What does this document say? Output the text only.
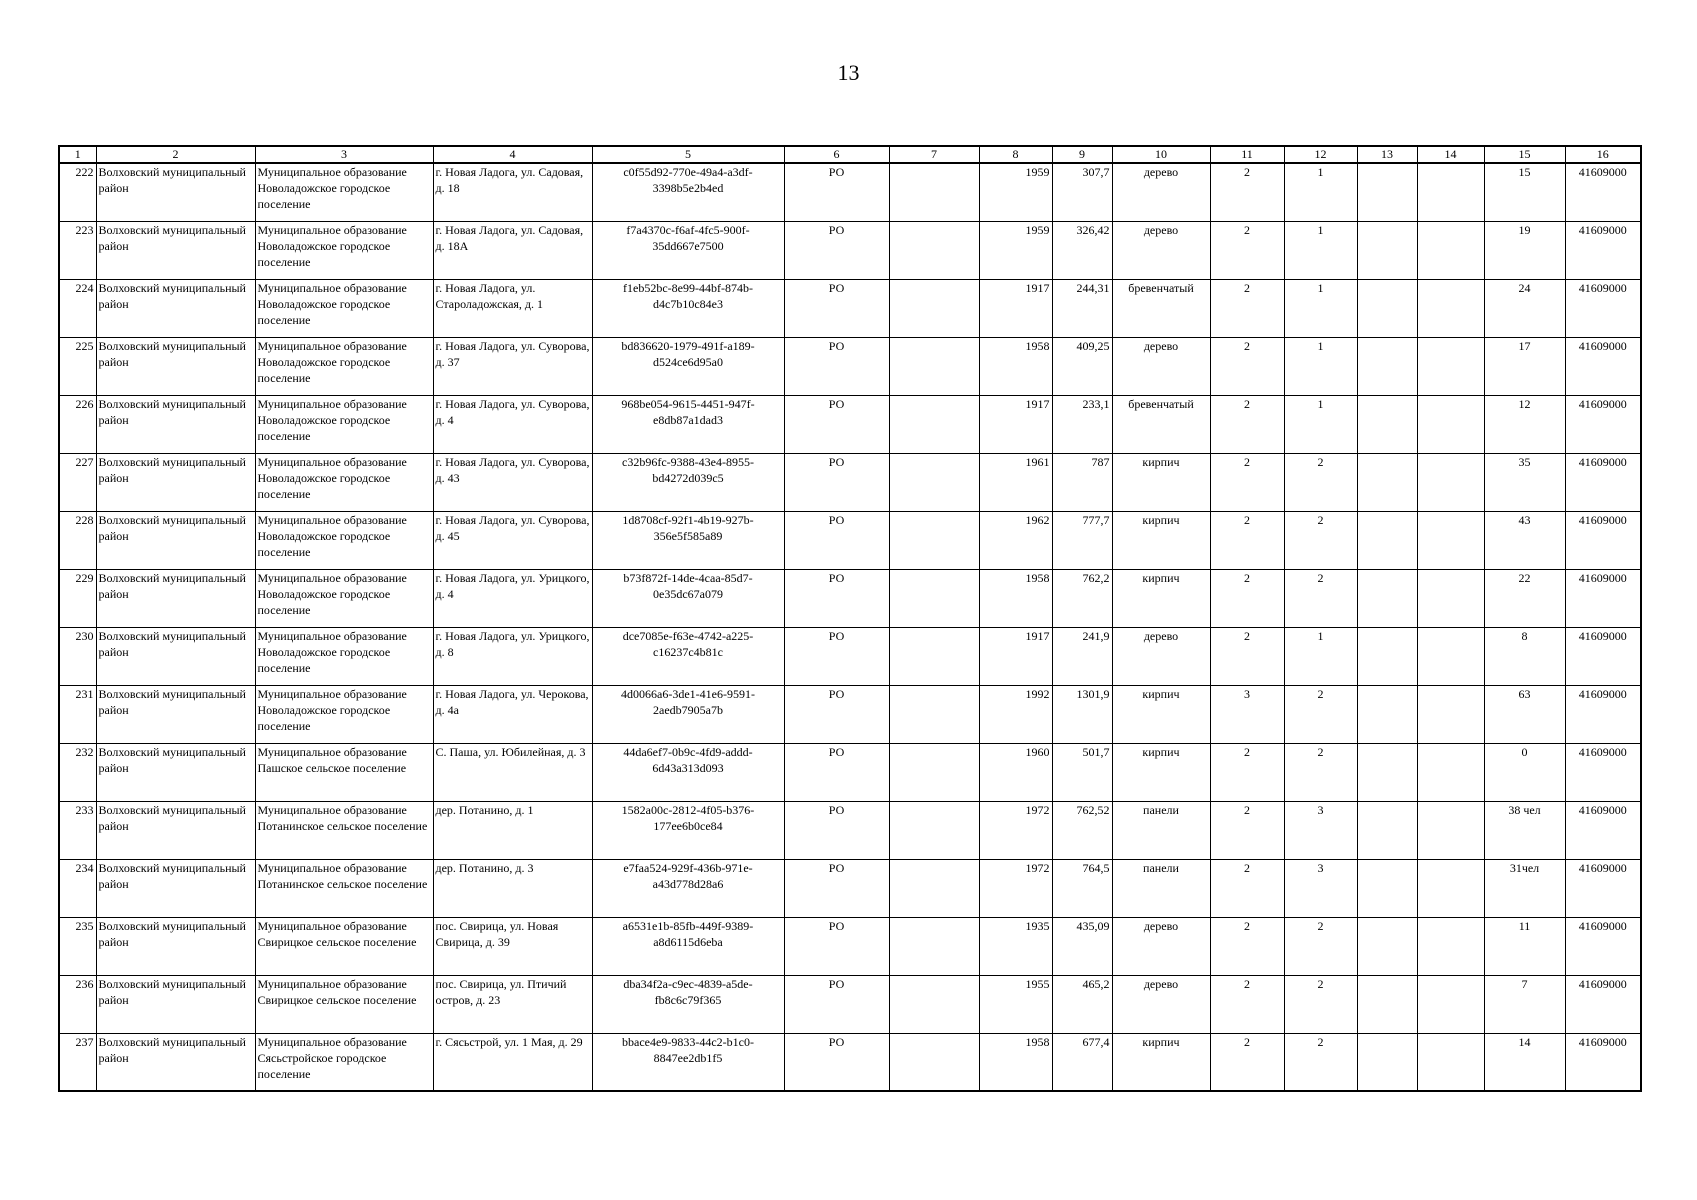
13
1	2	3	4	5	6	7	8	9	10	11	12	13	14	15	16
222	Волховский муниципальный район	Муниципальное образование Новоладожское городское поселение	г. Новая Ладога, ул. Садовая, д. 18	c0f55d92-770e-49a4-a3df-3398b5e2b4ed	РО		1959	307,7	дерево	2	1			15	41609000
223	Волховский муниципальный район	Муниципальное образование Новоладожское городское поселение	г. Новая Ладога, ул. Садовая, д. 18А	f7a4370c-f6af-4fc5-900f-35dd667e7500	РО		1959	326,42	дерево	2	1			19	41609000
224	Волховский муниципальный район	Муниципальное образование Новоладожское городское поселение	г. Новая Ладога, ул. Староладожская, д. 1	f1eb52bc-8e99-44bf-874b-d4c7b10c84e3	РО		1917	244,31	бревенчатый	2	1			24	41609000
225	Волховский муниципальный район	Муниципальное образование Новоладожское городское поселение	г. Новая Ладога, ул. Суворова, д. 37	bd836620-1979-491f-a189-d524ce6d95a0	РО		1958	409,25	дерево	2	1			17	41609000
226	Волховский муниципальный район	Муниципальное образование Новоладожское городское поселение	г. Новая Ладога, ул. Суворова, д. 4	968be054-9615-4451-947f-e8db87a1dad3	РО		1917	233,1	бревенчатый	2	1			12	41609000
227	Волховский муниципальный район	Муниципальное образование Новоладожское городское поселение	г. Новая Ладога, ул. Суворова, д. 43	c32b96fc-9388-43e4-8955-bd4272d039c5	РО		1961	787	кирпич	2	2			35	41609000
228	Волховский муниципальный район	Муниципальное образование Новоладожское городское поселение	г. Новая Ладога, ул. Суворова, д. 45	1d8708cf-92f1-4b19-927b-356e5f585a89	РО		1962	777,7	кирпич	2	2			43	41609000
229	Волховский муниципальный район	Муниципальное образование Новоладожское городское поселение	г. Новая Ладога, ул. Урицкого, д. 4	b73f872f-14de-4caa-85d7-0e35dc67a079	РО		1958	762,2	кирпич	2	2			22	41609000
230	Волховский муниципальный район	Муниципальное образование Новоладожское городское поселение	г. Новая Ладога, ул. Урицкого, д. 8	dce7085e-f63e-4742-a225-c16237c4b81c	РО		1917	241,9	дерево	2	1			8	41609000
231	Волховский муниципальный район	Муниципальное образование Новоладожское городское поселение	г. Новая Ладога, ул. Черокова, д. 4а	4d0066a6-3de1-41e6-9591-2aedb7905a7b	РО		1992	1301,9	кирпич	3	2			63	41609000
232	Волховский муниципальный район	Муниципальное образование Пашское сельское поселение	С. Паша, ул. Юбилейная, д. 3	44da6ef7-0b9c-4fd9-addd-6d43a313d093	РО		1960	501,7	кирпич	2	2			0	41609000
233	Волховский муниципальный район	Муниципальное образование Потанинское сельское поселение	дер. Потанино, д. 1	1582a00c-2812-4f05-b376-177ee6b0ce84	РО		1972	762,52	панели	2	3			38 чел	41609000
234	Волховский муниципальный район	Муниципальное образование Потанинское сельское поселение	дер. Потанино, д. 3	e7faa524-929f-436b-971e-a43d778d28a6	РО		1972	764,5	панели	2	3			31чел	41609000
235	Волховский муниципальный район	Муниципальное образование Свирицкое сельское поселение	пос. Свирица, ул. Новая Свирица, д. 39	a6531e1b-85fb-449f-9389-a8d6115d6eba	РО		1935	435,09	дерево	2	2			11	41609000
236	Волховский муниципальный район	Муниципальное образование Свирицкое сельское поселение	пос. Свирица, ул. Птичий остров, д. 23	dba34f2a-c9ec-4839-a5de-fb8c6c79f365	РО		1955	465,2	дерево	2	2			7	41609000
237	Волховский муниципальный район	Муниципальное образование Сясьстройское городское поселение	г. Сясьстрой, ул. 1 Мая, д. 29	bbace4e9-9833-44c2-b1c0-8847ee2db1f5	РО		1958	677,4	кирпич	2	2			14	41609000
